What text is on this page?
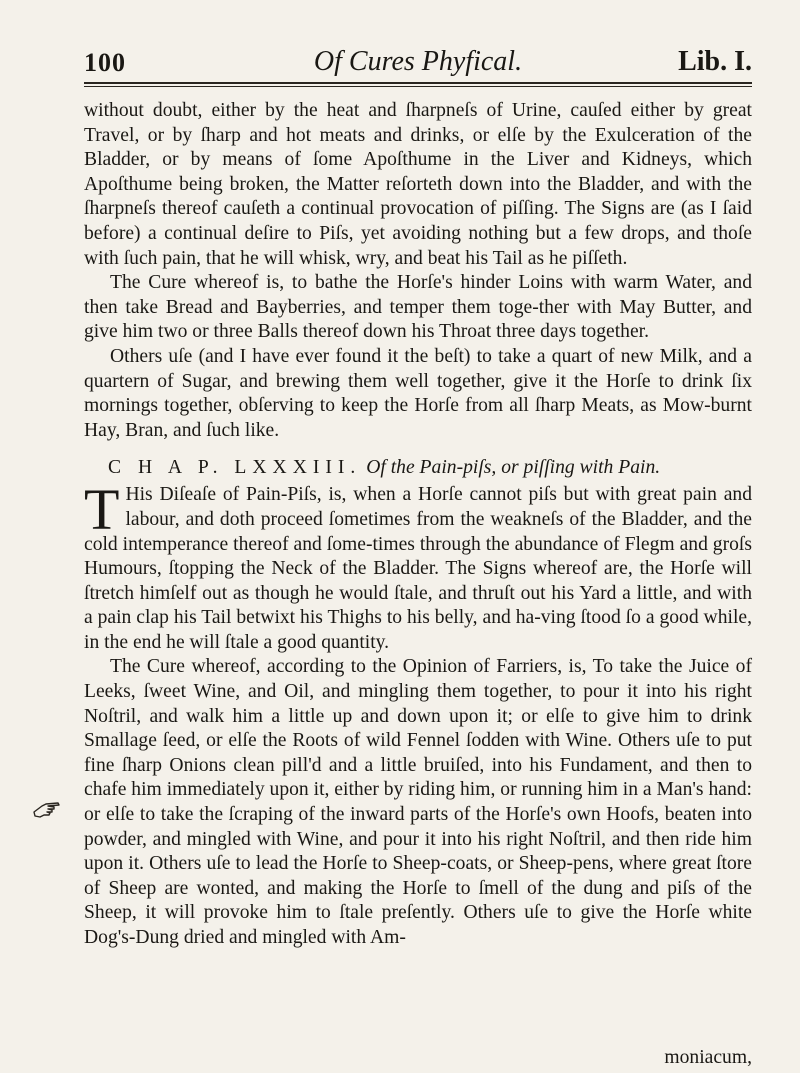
100	Of Cures Phyfical.	Lib. I.

without doubt, either by the heat and ſharpneſs of Urine, cauſed either by great Travel, or by ſharp and hot meats and drinks, or elſe by the Exulceration of the Bladder, or by means of ſome Apoſthume in the Liver and Kidneys, which Apoſthume being broken, the Matter reſorteth down into the Bladder, and with the ſharpneſs thereof cauſeth a continual provocation of piſſing. The Signs are (as I ſaid before) a continual deſire to Piſs, yet avoiding nothing but a few drops, and thoſe with ſuch pain, that he will whisk, wry, and beat his Tail as he piſſeth.

The Cure whereof is, to bathe the Horſe's hinder Loins with warm Water, and then take Bread and Bayberries, and temper them toge-ther with May Butter, and give him two or three Balls thereof down his Throat three days together.

Others uſe (and I have ever found it the beſt) to take a quart of new Milk, and a quartern of Sugar, and brewing them well together, give it the Horſe to drink ſix mornings together, obſerving to keep the Horſe from all ſharp Meats, as Mow-burnt Hay, Bran, and ſuch like.

C H A P. LXXXIII. Of the Pain-piſs, or piſſing with Pain.

T His Diſeaſe of Pain-Piſs, is, when a Horſe cannot piſs but with great pain and labour, and doth proceed ſometimes from the weakneſs of the Bladder, and the cold intemperance thereof and ſome-times through the abundance of Flegm and groſs Humours, ſtopping the Neck of the Bladder. The Signs whereof are, the Horſe will ſtretch himſelf out as though he would ſtale, and thruſt out his Yard a little, and with a pain clap his Tail betwixt his Thighs to his belly, and ha-ving ſtood ſo a good while, in the end he will ſtale a good quantity.

The Cure whereof, according to the Opinion of Farriers, is, To take the Juice of Leeks, ſweet Wine, and Oil, and mingling them together, to pour it into his right Noſtril, and walk him a little up and down upon it; or elſe to give him to drink Smallage ſeed, or elſe the Roots of wild Fennel ſodden with Wine. Others uſe to put fine ſharp Onions clean pill'd and a little bruiſed, into his Fundament, and then to chafe him immediately upon it, either by riding him, or running him in a Man's hand: or elſe to take the ſcraping of the inward parts of the Horſe's own Hoofs, beaten into powder, and mingled with Wine, and pour it into his right Noſtril, and then ride him upon it. Others uſe to lead the Horſe to Sheep-coats, or Sheep-pens, where great ſtore of Sheep are wonted, and making the Horſe to ſmell of the dung and piſs of the Sheep, it will provoke him to ſtale preſently. Others uſe to give the Horſe white Dog's-Dung dried and mingled with Am-

moniacum,
